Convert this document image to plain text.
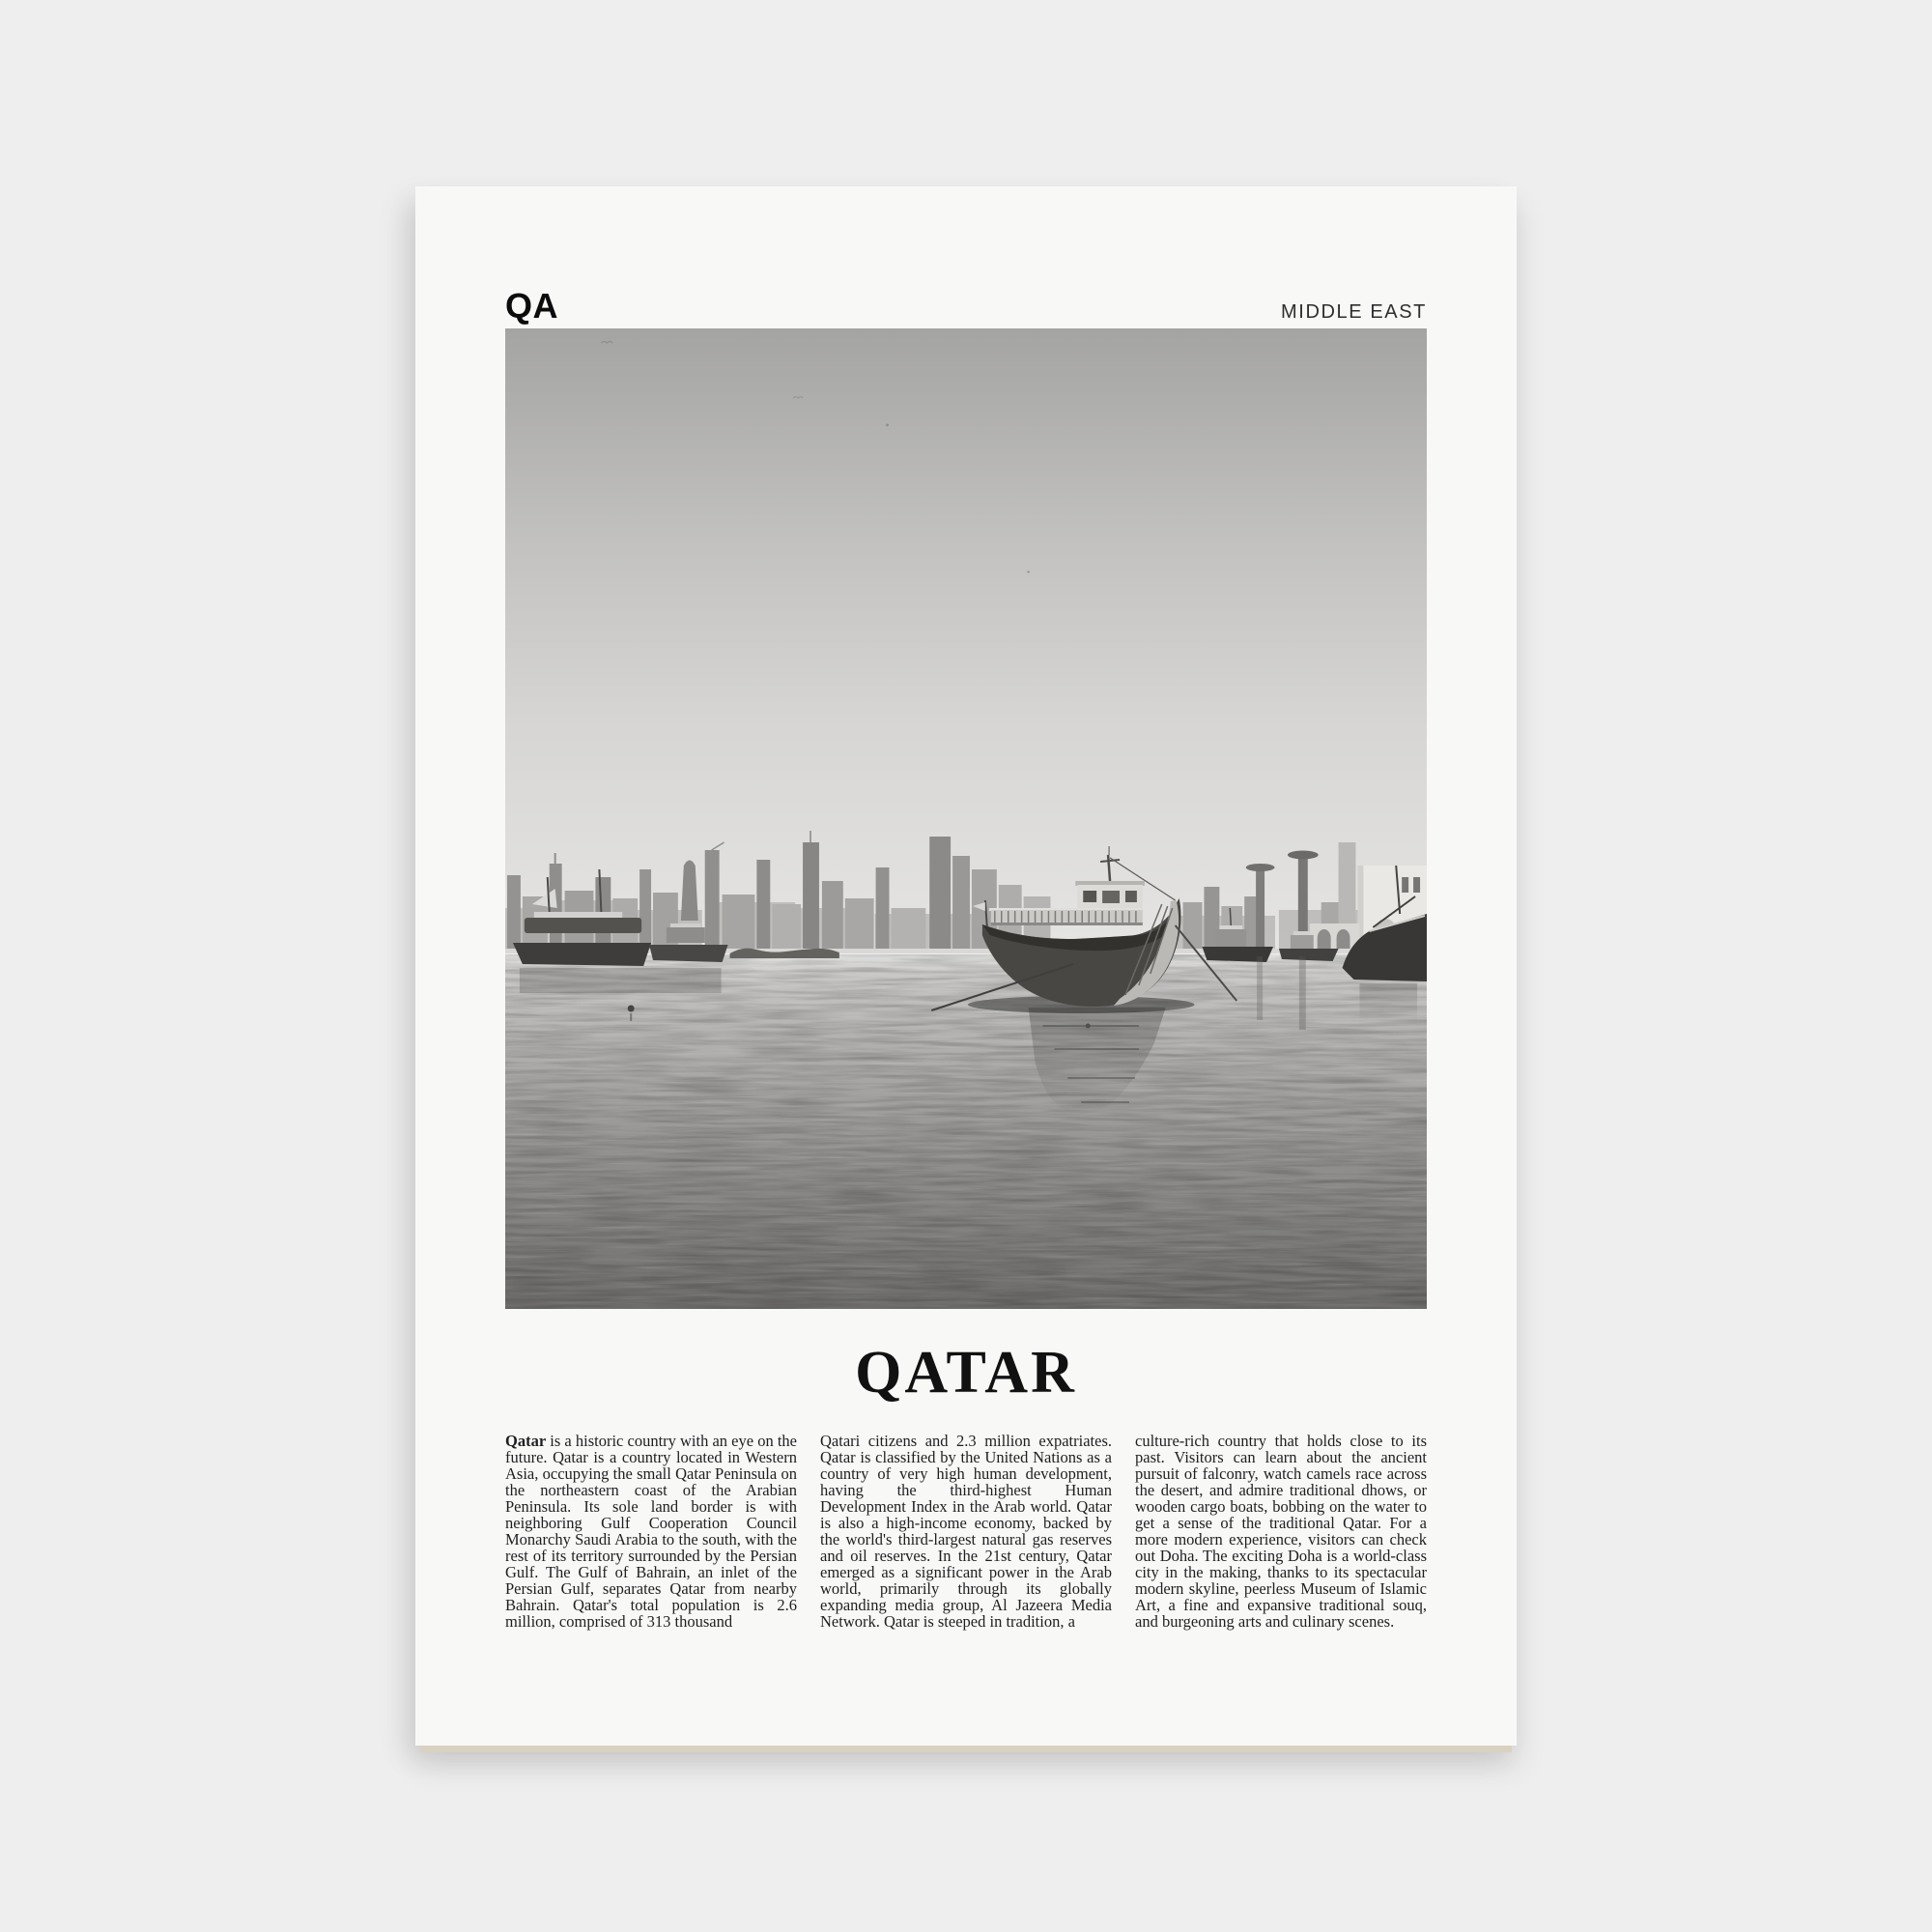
QA	MIDDLE EAST
QATAR

Qatar is a historic country with an eye on the future. Qatar is a country located in Western Asia, occupying the small Qatar Peninsula on the northeastern coast of the Arabian Peninsula. Its sole land border is with neighboring Gulf Cooperation Council Monarchy Saudi Arabia to the south, with the rest of its territory surrounded by the Persian Gulf. The Gulf of Bahrain, an inlet of the Persian Gulf, separates Qatar from nearby Bahrain. Qatar's total population is 2.6 million, comprised of 313 thousand

Qatari citizens and 2.3 million expatriates. Qatar is classified by the United Nations as a country of very high human development, having the third-highest Human Development Index in the Arab world. Qatar is also a high-income economy, backed by the world's third-largest natural gas reserves and oil reserves. In the 21st century, Qatar emerged as a significant power in the Arab world, primarily through its globally expanding media group, Al Jazeera Media Network. Qatar is steeped in tradition, a

culture-rich country that holds close to its past. Visitors can learn about the ancient pursuit of falconry, watch camels race across the desert, and admire traditional dhows, or wooden cargo boats, bobbing on the water to get a sense of the traditional Qatar. For a more modern experience, visitors can check out Doha. The exciting Doha is a world-class city in the making, thanks to its spectacular modern skyline, peerless Museum of Islamic Art, a fine and expansive traditional souq, and burgeoning arts and culinary scenes.
